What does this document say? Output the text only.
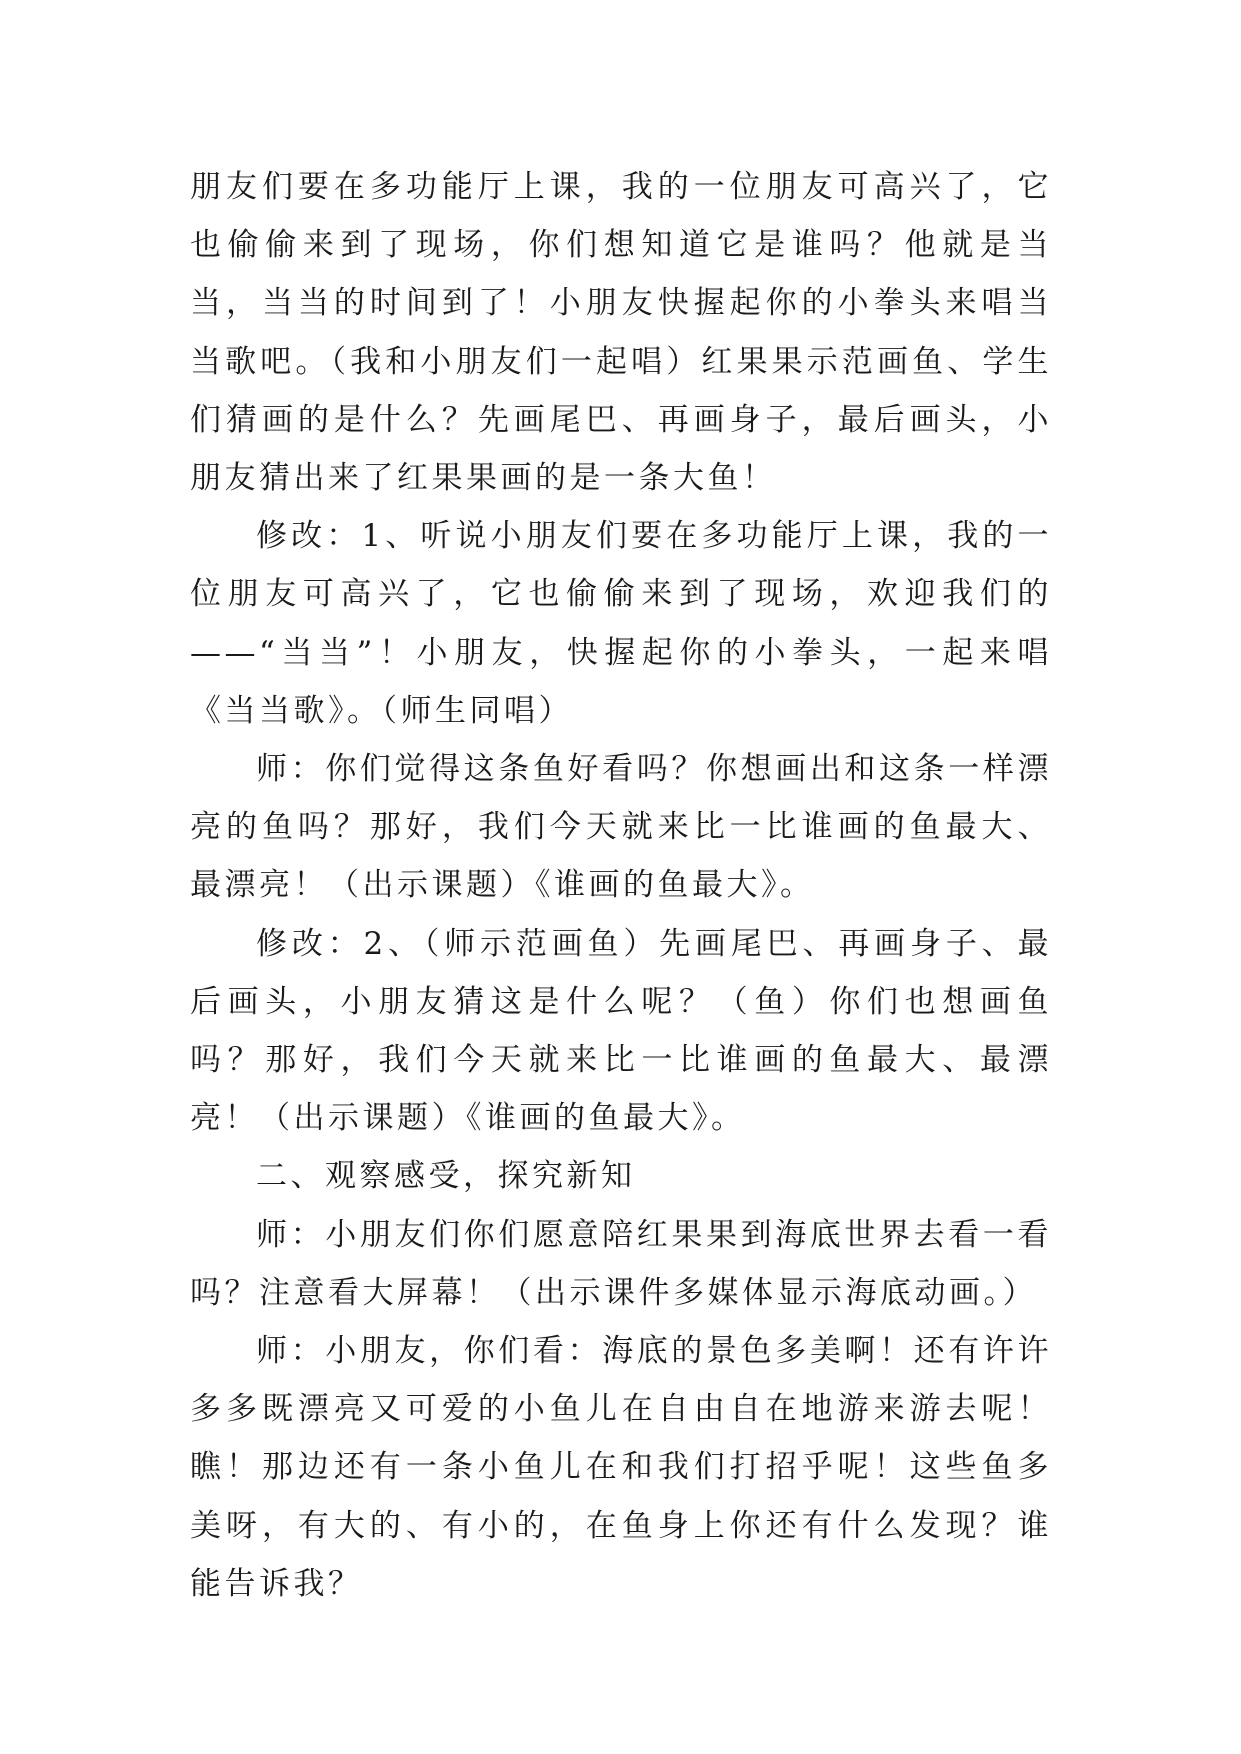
朋友们要在多功能厅上课，我的一位朋友可高兴了，它也偷偷来到了现场，你们想知道它是谁吗？他就是当当，当当的时间到了！小朋友快握起你的小拳头来唱当当歌吧。（我和小朋友们一起唱）红果果示范画鱼、学生们猜画的是什么？先画尾巴、再画身子，最后画头，小朋友猜出来了红果果画的是一条大鱼！

修改：1、听说小朋友们要在多功能厅上课，我的一位朋友可高兴了，它也偷偷来到了现场，欢迎我们的——“当当”！小朋友，快握起你的小拳头，一起来唱《当当歌》。（师生同唱）

师：你们觉得这条鱼好看吗？你想画出和这条一样漂亮的鱼吗？那好，我们今天就来比一比谁画的鱼最大、最漂亮！（出示课题）《谁画的鱼最大》。

修改：2、（师示范画鱼）先画尾巴、再画身子、最后画头，小朋友猜这是什么呢？（鱼）你们也想画鱼吗？那好，我们今天就来比一比谁画的鱼最大、最漂亮！（出示课题）《谁画的鱼最大》。

二、观察感受，探究新知

师：小朋友们你们愿意陪红果果到海底世界去看一看吗？注意看大屏幕！（出示课件多媒体显示海底动画。）

师：小朋友，你们看：海底的景色多美啊！还有许许多多既漂亮又可爱的小鱼儿在自由自在地游来游去呢！瞧！那边还有一条小鱼儿在和我们打招乎呢！这些鱼多美呀，有大的、有小的，在鱼身上你还有什么发现？谁能告诉我？
